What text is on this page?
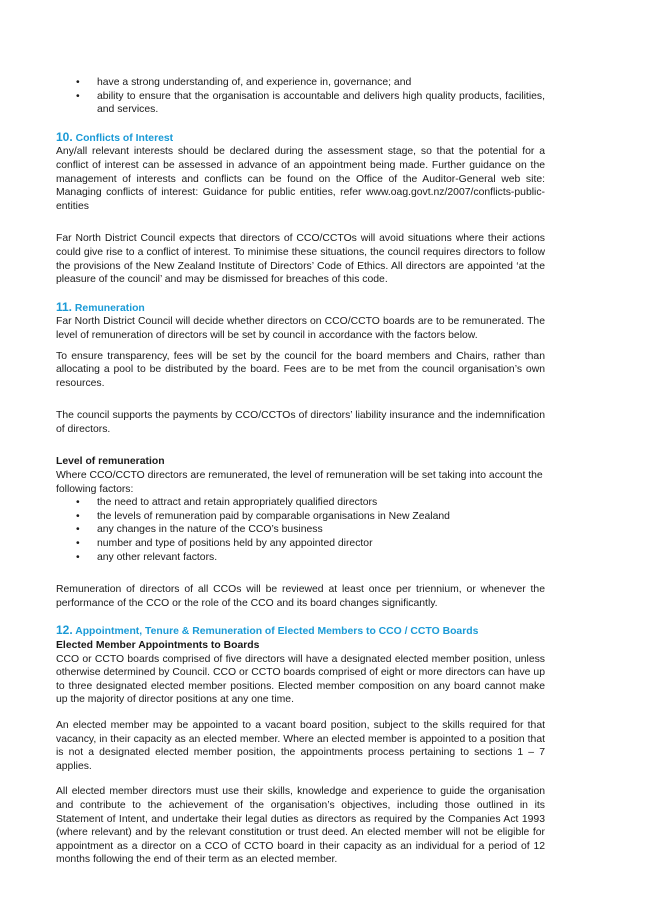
• have a strong understanding of, and experience in, governance; and
• ability to ensure that the organisation is accountable and delivers high quality products, facilities, and services.
10. Conflicts of Interest

Any/all relevant interests should be declared during the assessment stage, so that the potential for a conflict of interest can be assessed in advance of an appointment being made. Further guidance on the management of interests and conflicts can be found on the Office of the Auditor-General web site: Managing conflicts of interest: Guidance for public entities, refer www.oag.govt.nz/2007/conflicts-public-entities

Far North District Council expects that directors of CCO/CCTOs will avoid situations where their actions could give rise to a conflict of interest. To minimise these situations, the council requires directors to follow the provisions of the New Zealand Institute of Directors’ Code of Ethics. All directors are appointed ‘at the pleasure of the council’ and may be dismissed for breaches of this code.

11. Remuneration

Far North District Council will decide whether directors on CCO/CCTO boards are to be remunerated. The level of remuneration of directors will be set by council in accordance with the factors below.

To ensure transparency, fees will be set by the council for the board members and Chairs, rather than allocating a pool to be distributed by the board. Fees are to be met from the council organisation’s own resources.

The council supports the payments by CCO/CCTOs of directors’ liability insurance and the indemnification of directors.

Level of remuneration

Where CCO/CCTO directors are remunerated, the level of remuneration will be set taking into account the following factors:

• the need to attract and retain appropriately qualified directors
• the levels of remuneration paid by comparable organisations in New Zealand
• any changes in the nature of the CCO’s business
• number and type of positions held by any appointed director
• any other relevant factors.

Remuneration of directors of all CCOs will be reviewed at least once per triennium, or whenever the performance of the CCO or the role of the CCO and its board changes significantly.

12. Appointment, Tenure & Remuneration of Elected Members to CCO / CCTO Boards
Elected Member Appointments to Boards

CCO or CCTO boards comprised of five directors will have a designated elected member position, unless otherwise determined by Council. CCO or CCTO boards comprised of eight or more directors can have up to three designated elected member positions. Elected member composition on any board cannot make up the majority of director positions at any one time.

An elected member may be appointed to a vacant board position, subject to the skills required for that vacancy, in their capacity as an elected member. Where an elected member is appointed to a position that is not a designated elected member position, the appointments process pertaining to sections 1 – 7 applies.

All elected member directors must use their skills, knowledge and experience to guide the organisation and contribute to the achievement of the organisation’s objectives, including those outlined in its Statement of Intent, and undertake their legal duties as directors as required by the Companies Act 1993 (where relevant) and by the relevant constitution or trust deed. An elected member will not be eligible for appointment as a director on a CCO of CCTO board in their capacity as an individual for a period of 12 months following the end of their term as an elected member.
